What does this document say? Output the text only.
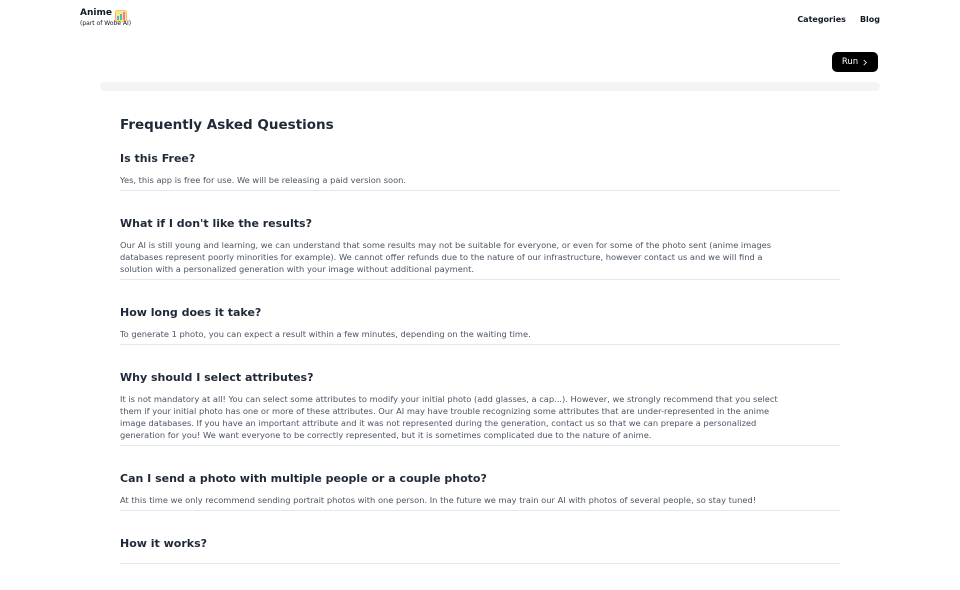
Anime
(part of Wobe AI)	Categories Blog
Run
Frequently Asked Questions
Is this Free?

Yes, this app is free for use. We will be releasing a paid version soon.

What if I don't like the results?

Our AI is still young and learning, we can understand that some results may not be suitable for everyone, or even for some of the photo sent (anime images databases represent poorly minorities for example). We cannot offer refunds due to the nature of our infrastructure, however contact us and we will find a solution with a personalized generation with your image without additional payment.

How long does it take?

To generate 1 photo, you can expect a result within a few minutes, depending on the waiting time.

Why should I select attributes?

It is not mandatory at all! You can select some attributes to modify your initial photo (add glasses, a cap...). However, we strongly recommend that you select them if your initial photo has one or more of these attributes. Our AI may have trouble recognizing some attributes that are under-represented in the anime image databases. If you have an important attribute and it was not represented during the generation, contact us so that we can prepare a personalized generation for you! We want everyone to be correctly represented, but it is sometimes complicated due to the nature of anime.

Can I send a photo with multiple people or a couple photo?

At this time we only recommend sending portrait photos with one person. In the future we may train our AI with photos of several people, so stay tuned!

How it works?
